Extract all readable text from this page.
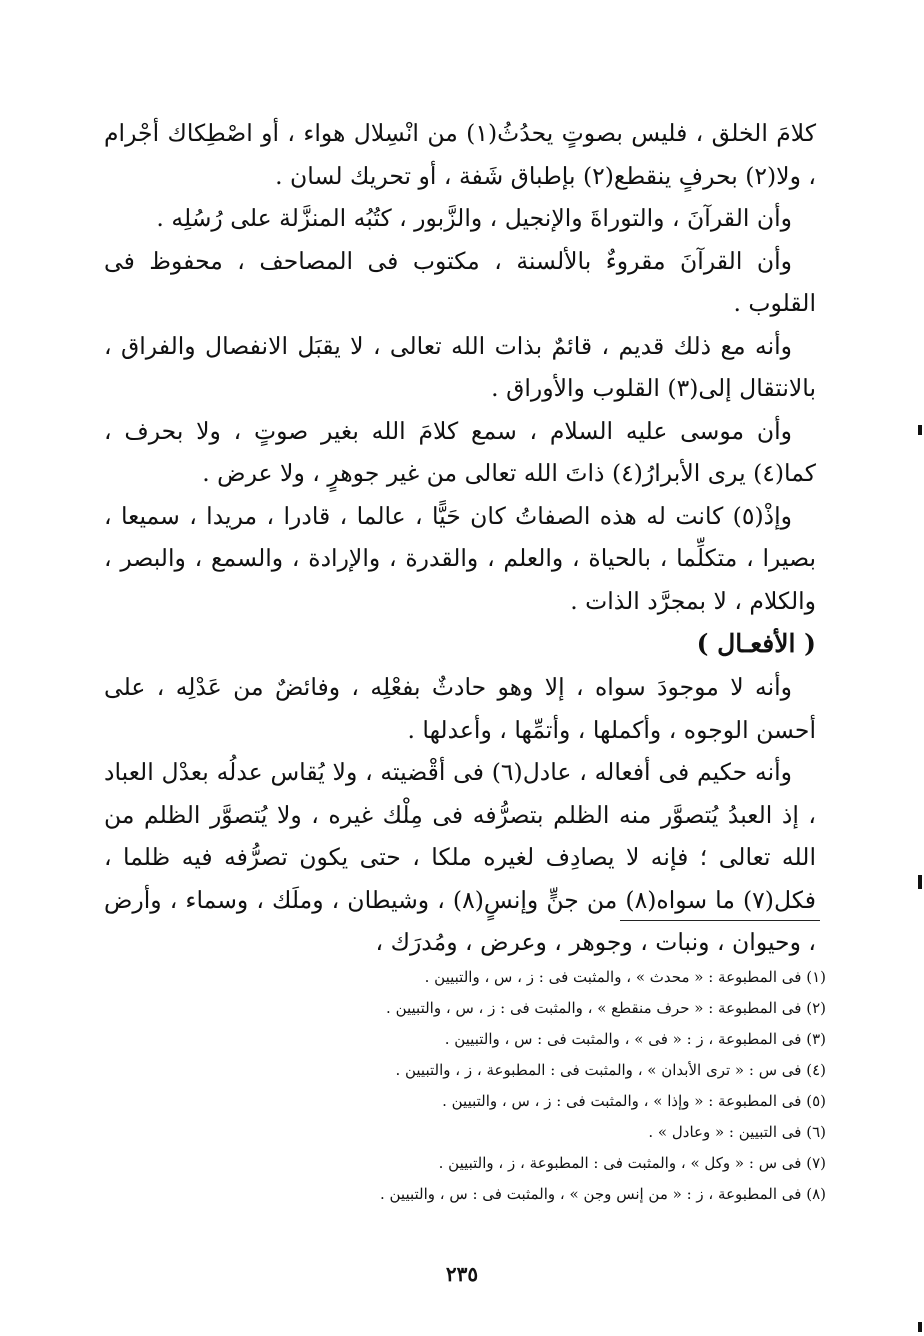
كلامَ الخلق ، فليس بصوتٍ يحدُثُ(١) من انْسِلال هواء ، أو اصْطِكاك أجْرام ، ولا(٢) بحرفٍ ينقطع(٢) بإطباق شَفة ، أو تحريك لسان .

وأن القرآنَ ، والتوراةَ والإنجيل ، والزَّبور ، كتُبُه المنزَّلة على رُسُلِه .

وأن القرآنَ مقروءٌ بالألسنة ، مكتوب فى المصاحف ، محفوظ فى القلوب .

وأنه مع ذلك قديم ، قائمٌ بذات الله تعالى ، لا يقبَل الانفصال والفراق ، بالانتقال إلى(٣) القلوب والأوراق .

وأن موسى عليه السلام ، سمع كلامَ الله بغير صوتٍ ، ولا بحرف ، كما(٤) يرى الأبرارُ(٤) ذاتَ الله تعالى من غير جوهرٍ ، ولا عرض .

وإذْ(٥) كانت له هذه الصفاتُ كان حَيًّا ، عالما ، قادرا ، مريدا ، سميعا ، بصيرا ، متكلِّما ، بالحياة ، والعلم ، والقدرة ، والإرادة ، والسمع ، والبصر ، والكلام ، لا بمجرَّد الذات .

( الأفعـال )

وأنه لا موجودَ سواه ، إلا وهو حادثٌ بفعْلِه ، وفائضٌ من عَدْلِه ، على أحسن الوجوه ، وأكملها ، وأتمِّها ، وأعدلها .

وأنه حكيم فى أفعاله ، عادل(٦) فى أقْضيته ، ولا يُقاس عدلُه بعدْل العباد ، إذ العبدُ يُتصوَّر منه الظلم بتصرُّفه فى مِلْك غيره ، ولا يُتصوَّر الظلم من الله تعالى ؛ فإنه لا يصادِف لغيره ملكا ، حتى يكون تصرُّفه فيه ظلما ، فكل(٧) ما سواه(٨) من جنٍّ وإنسٍ(٨) ، وشيطان ، وملَك ، وسماء ، وأرض ، وحيوان ، ونبات ، وجوهر ، وعرض ، ومُدرَك ،

(١) فى المطبوعة : « محدث » ، والمثبت فى : ز ، س ، والتبيين .

(٢) فى المطبوعة : « حرف منقطع » ، والمثبت فى : ز ، س ، والتبيين .

(٣) فى المطبوعة ، ز : « فى » ، والمثبت فى : س ، والتبيين .

(٤) فى س : « ترى الأبدان » ، والمثبت فى : المطبوعة ، ز ، والتبيين .

(٥) فى المطبوعة : « وإذا » ، والمثبت فى : ز ، س ، والتبيين .

(٦) فى التبيين : « وعادل » .

(٧) فى س : « وكل » ، والمثبت فى : المطبوعة ، ز ، والتبيين .

(٨) فى المطبوعة ، ز : « من إنس وجن » ، والمثبت فى : س ، والتبيين .

٢٣٥
